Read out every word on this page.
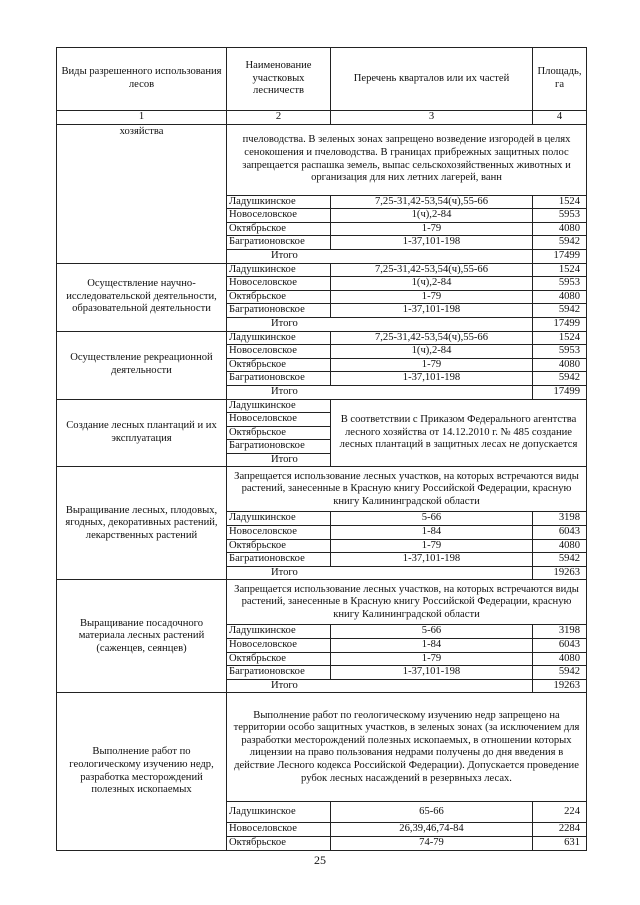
Виды разрешенного использования лесов	Наименование участковых лесничеств	Перечень кварталов или их частей	Площадь, га
1	2	3	4
хозяйства	пчеловодства. В зеленых зонах запрещено возведение изгородей в целях сенокошения и пчеловодства. В границах прибрежных защитных полос запрещается распашка земель, выпас сельскохозяйственных животных и организация для них летних лагерей, ванн		
	Ладушкинское	7,25-31,42-53,54(ч),55-66	1524
	Новоселовское	1(ч),2-84	5953
	Октябрьское	1-79	4080
	Багратионовское	1-37,101-198	5942
	Итого		17499
Осуществление научно-исследовательской деятельности, образовательной деятельности	Ладушкинское	7,25-31,42-53,54(ч),55-66	1524
	Новоселовское	1(ч),2-84	5953
	Октябрьское	1-79	4080
	Багратионовское	1-37,101-198	5942
	Итого		17499
Осуществление рекреационной деятельности	Ладушкинское	7,25-31,42-53,54(ч),55-66	1524
	Новоселовское	1(ч),2-84	5953
	Октябрьское	1-79	4080
	Багратионовское	1-37,101-198	5942
	Итого		17499
Создание лесных плантаций и их эксплуатация	Ладушкинское	В соответствии с Приказом Федерального агентства лесного хозяйства от 14.12.2010 г. № 485 создание лесных плантаций в защитных лесах не допускается	
	Новоселовское		
	Октябрьское		
	Багратионовское		
	Итого		
Выращивание лесных, плодовых, ягодных, декоративных растений, лекарственных растений	Запрещается использование лесных участков, на которых встречаются виды растений, занесенные в Красную книгу Российской Федерации, красную книгу Калининградской области		
	Ладушкинское	5-66	3198
	Новоселовское	1-84	6043
	Октябрьское	1-79	4080
	Багратионовское	1-37,101-198	5942
	Итого		19263
Выращивание посадочного материала лесных растений (саженцев, сеянцев)	Запрещается использование лесных участков, на которых встречаются виды растений, занесенные в Красную книгу Российской Федерации, красную книгу Калининградской области		
	Ладушкинское	5-66	3198
	Новоселовское	1-84	6043
	Октябрьское	1-79	4080
	Багратионовское	1-37,101-198	5942
	Итого		19263
Выполнение работ по геологическому изучению недр, разработка месторождений полезных ископаемых	Выполнение работ по геологическому изучению недр запрещено на территории особо защитных участков, в зеленых зонах (за исключением для разработки месторождений полезных ископаемых, в отношении которых лицензии на право пользования недрами получены до дня введения в действие Лесного кодекса Российской Федерации). Допускается проведение рубок лесных насаждений в резервныхз лесах.		
	Ладушкинское	65-66	224
	Новоселовское	26,39,46,74-84	2284
	Октябрьское	74-79	631
25
